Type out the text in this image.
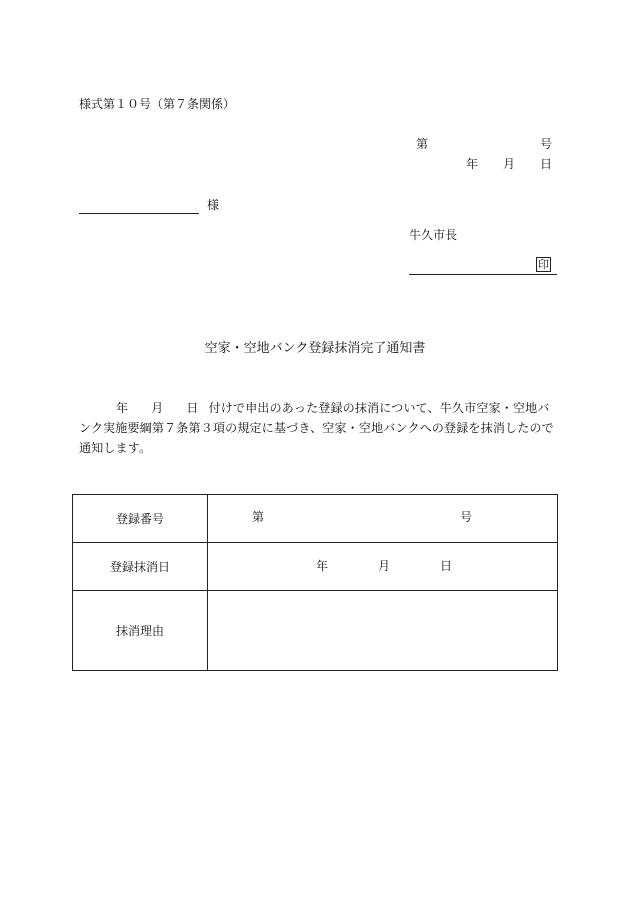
様式第１０号（第７条関係）
第	号
年 月 日
様
牛久市長
印
空家・空地バンク登録抹消完了通知書
年 月 日 付けで申出のあった登録の抹消について、牛久市空家・空地バ
ンク実施要綱第７条第３項の規定に基づき、空家・空地バンクへの登録を抹消したので
通知します。
登録番号	第 号

登録抹消日	年 月 日

抹消理由	
